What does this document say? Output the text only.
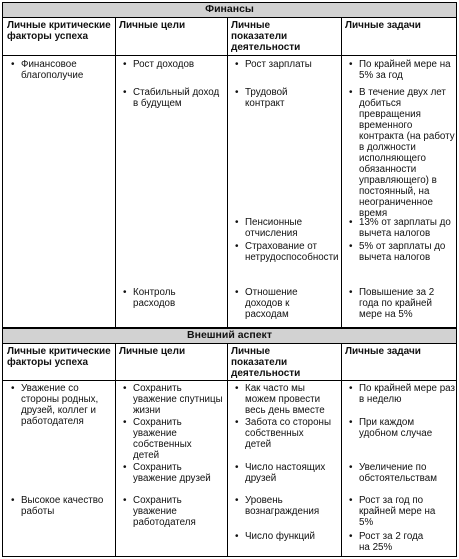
Финансы
Личные критические факторы успеха
Личные цели	Личные показатели деятельности
Личные задачи
• Финансовое благополучие
• Рост доходов
• Стабильный доход в будущем
• Контроль расходов
• Рост зарплаты
• Трудовой контракт
• Пенсионные отчисления
• Страхование от нетрудоспособности
• Отношение доходов к расходам
• По крайней мере на 5% за год
• В течение двух лет добиться превращения временного контракта (на работу в должности исполняющего обязанности управляющего) в постоянный, на неограниченное время
• 13% от зарплаты до вычета налогов
• 5% от зарплаты до вычета налогов
• Повышение за 2 года по крайней мере на 5%
Внешний аспект
Личные критические факторы успеха
Личные цели	Личные показатели деятельности
Личные задачи
• Уважение со стороны родных, друзей, коллег и работодателя
• Высокое качество работы
• Сохранить уважение спутницы жизни
• Сохранить уважение собственных детей
• Сохранить уважение друзей
• Сохранить уважение работодателя
• Как часто мы можем провести весь день вместе
• Забота со стороны собственных детей
• Число настоящих друзей
• Уровень вознаграждения
• Число функций
• По крайней мере раз в неделю
• При каждом удобном случае
• Увеличение по обстоятельствам
• Рост за год по крайней мере на 5%
• Рост за 2 года на 25%
